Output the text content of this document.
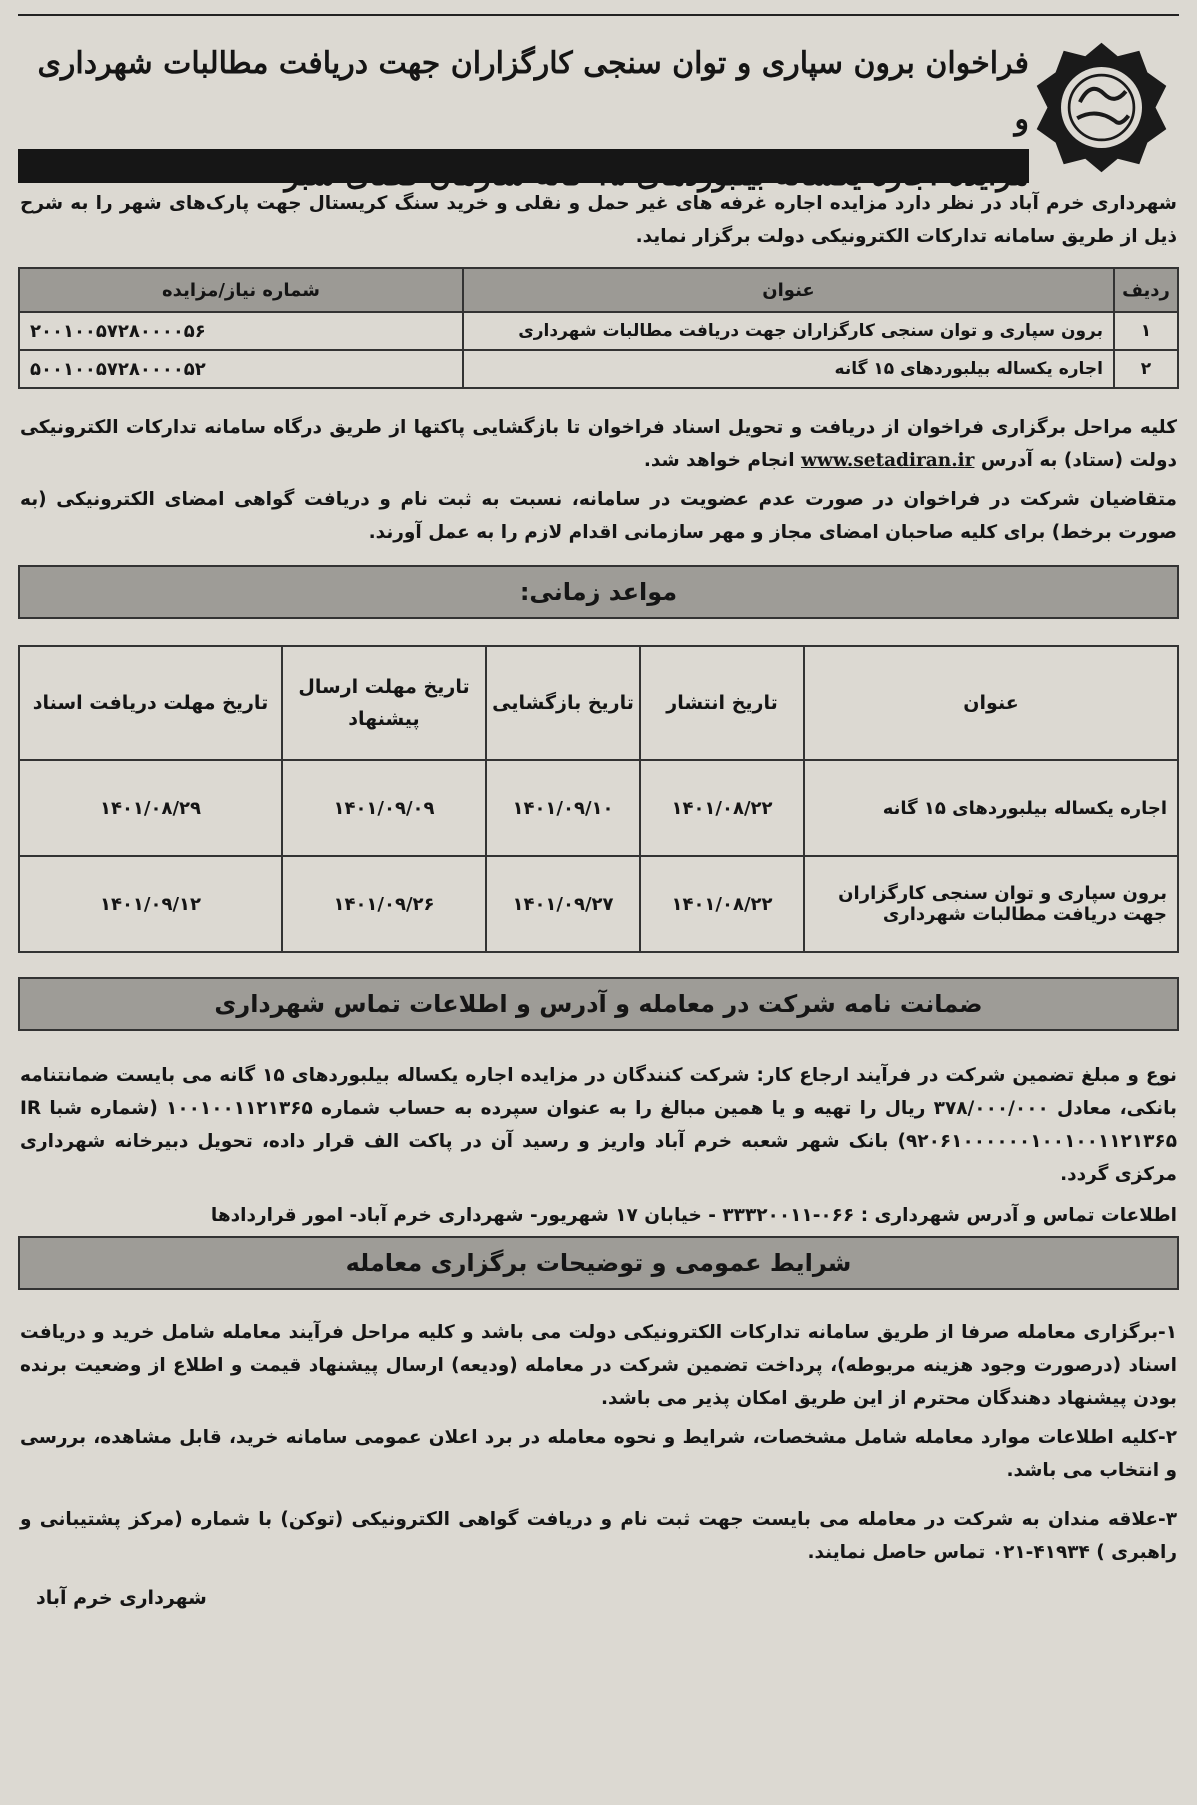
فراخوان برون سپاری و توان سنجی کارگزاران جهت دریافت مطالبات شهرداری و

شهرداری خرم آباد در نظر دارد مزایده اجاره غرفه های غیر حمل و نقلی و خرید سنگ کریستال جهت پارک‌های شهر را به شرح ذیل از طریق سامانه تدارکات الکترونیکی دولت برگزار نماید.

ردیف	عنوان	شماره نیاز/مزایده
۱	برون سپاری و توان سنجی کارگزاران جهت دریافت مطالبات شهرداری	۲۰۰۱۰۰۵۷۲۸۰۰۰۰۵۶
۲	اجاره یکساله بیلبوردهای ۱۵ گانه	۵۰۰۱۰۰۵۷۲۸۰۰۰۰۵۲

کلیه مراحل برگزاری فراخوان از دریافت و تحویل اسناد فراخوان تا بازگشایی پاکتها از طریق درگاه سامانه تدارکات الکترونیکی دولت (ستاد) به آدرس www.setadiran.ir انجام خواهد شد.

متقاضیان شرکت در فراخوان در صورت عدم عضویت در سامانه، نسبت به ثبت نام و دریافت گواهی امضای الکترونیکی (به صورت برخط) برای کلیه صاحبان امضای مجاز و مهر سازمانی اقدام لازم را به عمل آورند.

مواعد زمانی:
عنوان	تاریخ انتشار	تاریخ بازگشایی	تاریخ مهلت ارسال پیشنهاد	تاریخ مهلت دریافت اسناد
اجاره یکساله بیلبوردهای ۱۵ گانه	۱۴۰۱/۰۸/۲۲	۱۴۰۱/۰۹/۱۰	۱۴۰۱/۰۹/۰۹	۱۴۰۱/۰۸/۲۹
برون سپاری و توان سنجی کارگزاران جهت دریافت مطالبات شهرداری	۱۴۰۱/۰۸/۲۲	۱۴۰۱/۰۹/۲۷	۱۴۰۱/۰۹/۲۶	۱۴۰۱/۰۹/۱۲
ضمانت نامه شرکت در معامله و آدرس و اطلاعات تماس شهرداری

نوع و مبلغ تضمین شرکت در فرآیند ارجاع کار: شرکت کنندگان در مزایده اجاره یکساله بیلبوردهای ۱۵ گانه می بایست ضمانتنامه بانکی، معادل ۳۷۸/۰۰۰/۰۰۰ ریال را تهیه و یا همین مبالغ را به عنوان سپرده به حساب شماره ۱۰۰۱۰۰۱۱۲۱۳۶۵ (شماره شبا IR ۹۲۰۶۱۰۰۰۰۰۰۱۰۰۱۰۰۱۱۲۱۳۶۵) بانک شهر شعبه خرم آباد واریز و رسید آن در پاکت الف قرار داده، تحویل دبیرخانه شهرداری مرکزی گردد.

اطلاعات تماس و آدرس شهرداری : ۰۶۶-۳۳۳۲۰۰۱۱ - خیابان ۱۷ شهریور- شهرداری خرم آباد- امور قراردادها

شرایط عمومی و توضیحات برگزاری معامله

۱-برگزاری معامله صرفا از طریق سامانه تدارکات الکترونیکی دولت می باشد و کلیه مراحل فرآیند معامله شامل خرید و دریافت اسناد (درصورت وجود هزینه مربوطه)، پرداخت تضمین شرکت در معامله (ودیعه) ارسال پیشنهاد قیمت و اطلاع از وضعیت برنده بودن پیشنهاد دهندگان محترم از این طریق امکان پذیر می باشد.

۲-کلیه اطلاعات موارد معامله شامل مشخصات، شرایط و نحوه معامله در برد اعلان عمومی سامانه خرید، قابل مشاهده، بررسی و انتخاب می باشد.

۳-علاقه مندان به شرکت در معامله می بایست جهت ثبت نام و دریافت گواهی الکترونیکی (توکن) با شماره (مرکز پشتیبانی و راهبری ) ۴۱۹۳۴-۰۲۱ تماس حاصل نمایند.

شهرداری خرم آباد
